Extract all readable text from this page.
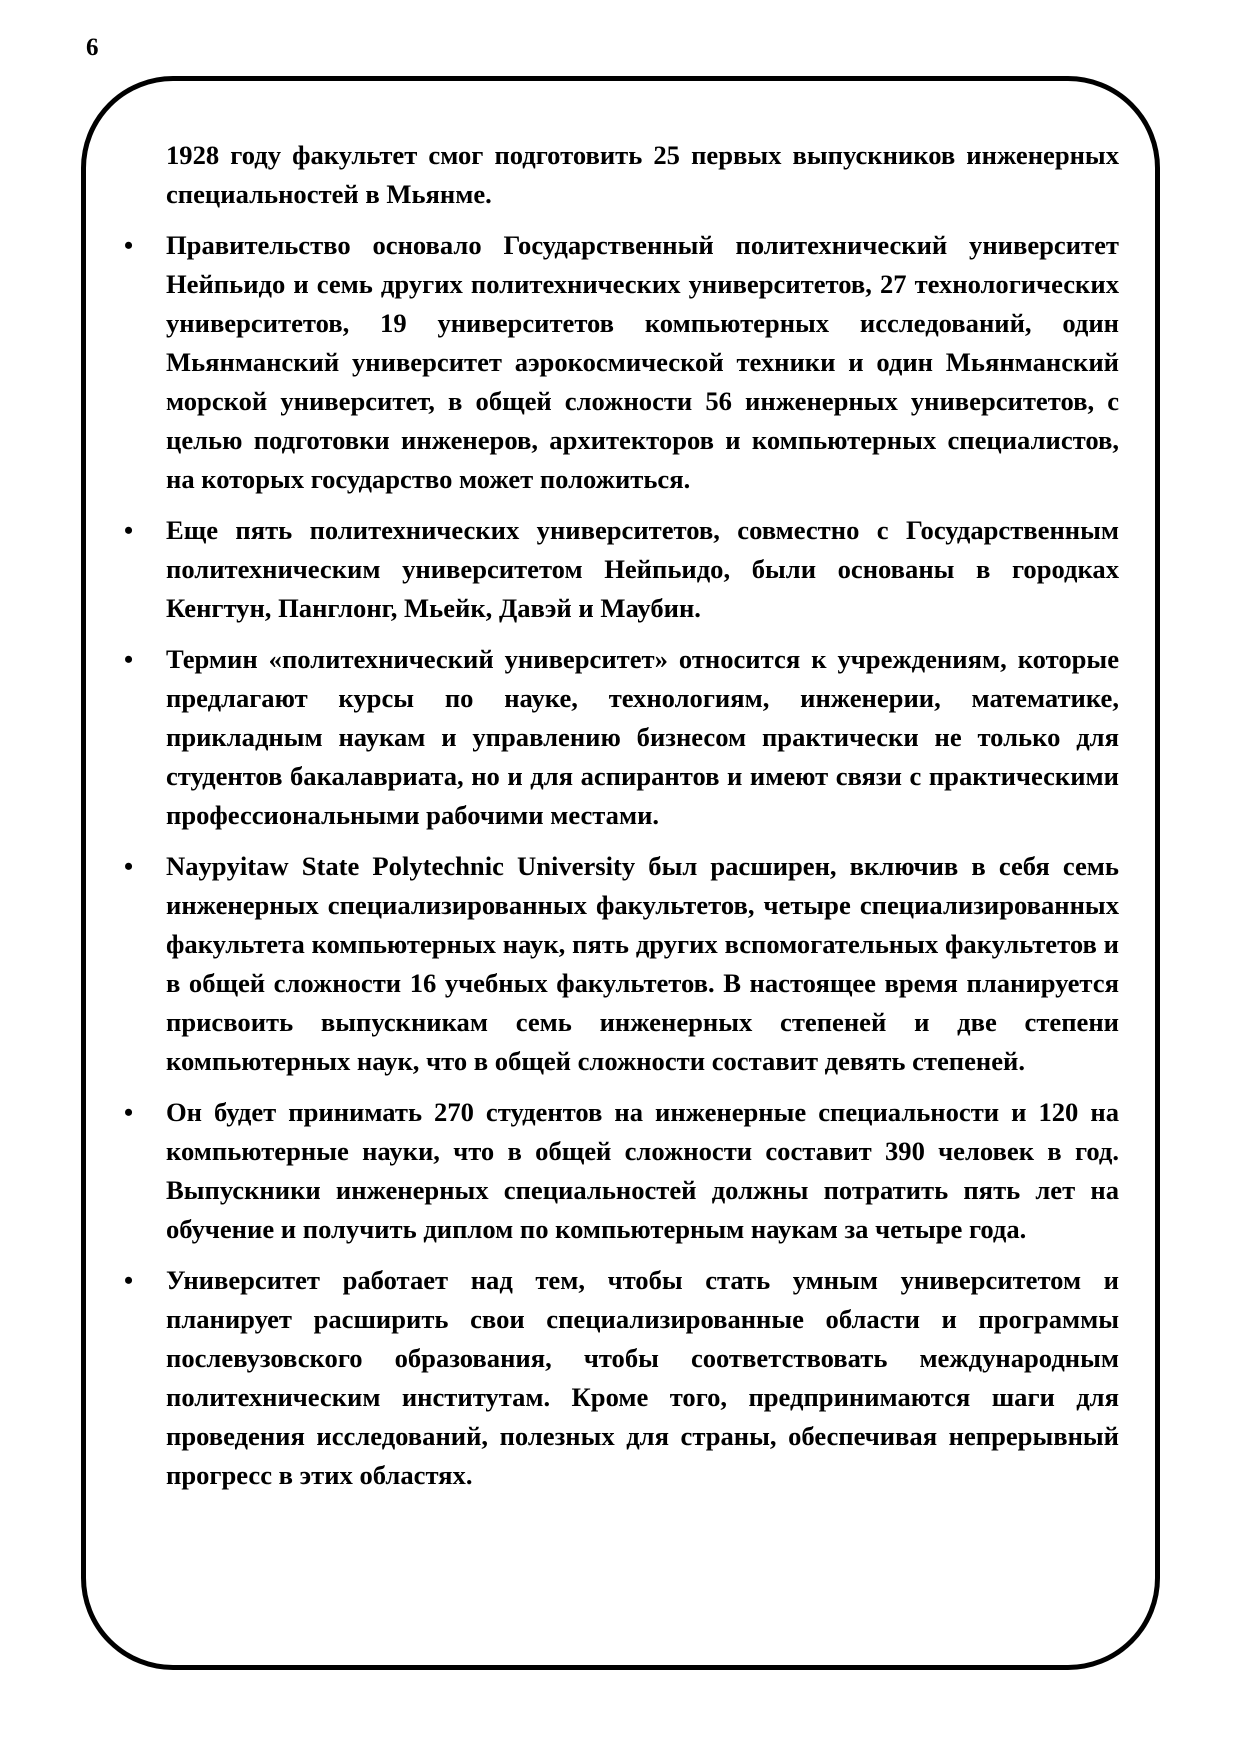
6

1928 году факультет смог подготовить 25 первых выпускников инженерных специальностей в Мьянме.

•	Правительство основало Государственный политехнический университет Нейпьидо и семь других политехнических университетов, 27 технологических университетов, 19 университетов компьютерных исследований, один Мьянманский университет аэрокосмической техники и один Мьянманский морской университет, в общей сложности 56 инженерных университетов, с целью подготовки инженеров, архитекторов и компьютерных специалистов, на которых государство может положиться.
•	Еще пять политехнических университетов, совместно с Государственным политехническим университетом Нейпьидо, были основаны в городках Кенгтун, Панглонг, Мьейк, Давэй и Маубин.
•	Термин «политехнический университет» относится к учреждениям, которые предлагают курсы по науке, технологиям, инженерии, математике, прикладным наукам и управлению бизнесом практически не только для студентов бакалавриата, но и для аспирантов и имеют связи с практическими профессиональными рабочими местами.
•	Naypyitaw State Polytechnic University был расширен, включив в себя семь инженерных специализированных факультетов, четыре специализированных факультета компьютерных наук, пять других вспомогательных факультетов и в общей сложности 16 учебных факультетов. В настоящее время планируется присвоить выпускникам семь инженерных степеней и две степени компьютерных наук, что в общей сложности составит девять степеней.
•	Он будет принимать 270 студентов на инженерные специальности и 120 на компьютерные науки, что в общей сложности составит 390 человек в год. Выпускники инженерных специальностей должны потратить пять лет на обучение и получить диплом по компьютерным наукам за четыре года.
•	Университет работает над тем, чтобы стать умным университетом и планирует расширить свои специализированные области и программы послевузовского образования, чтобы соответствовать международным политехническим институтам. Кроме того, предпринимаются шаги для проведения исследований, полезных для страны, обеспечивая непрерывный прогресс в этих областях.
